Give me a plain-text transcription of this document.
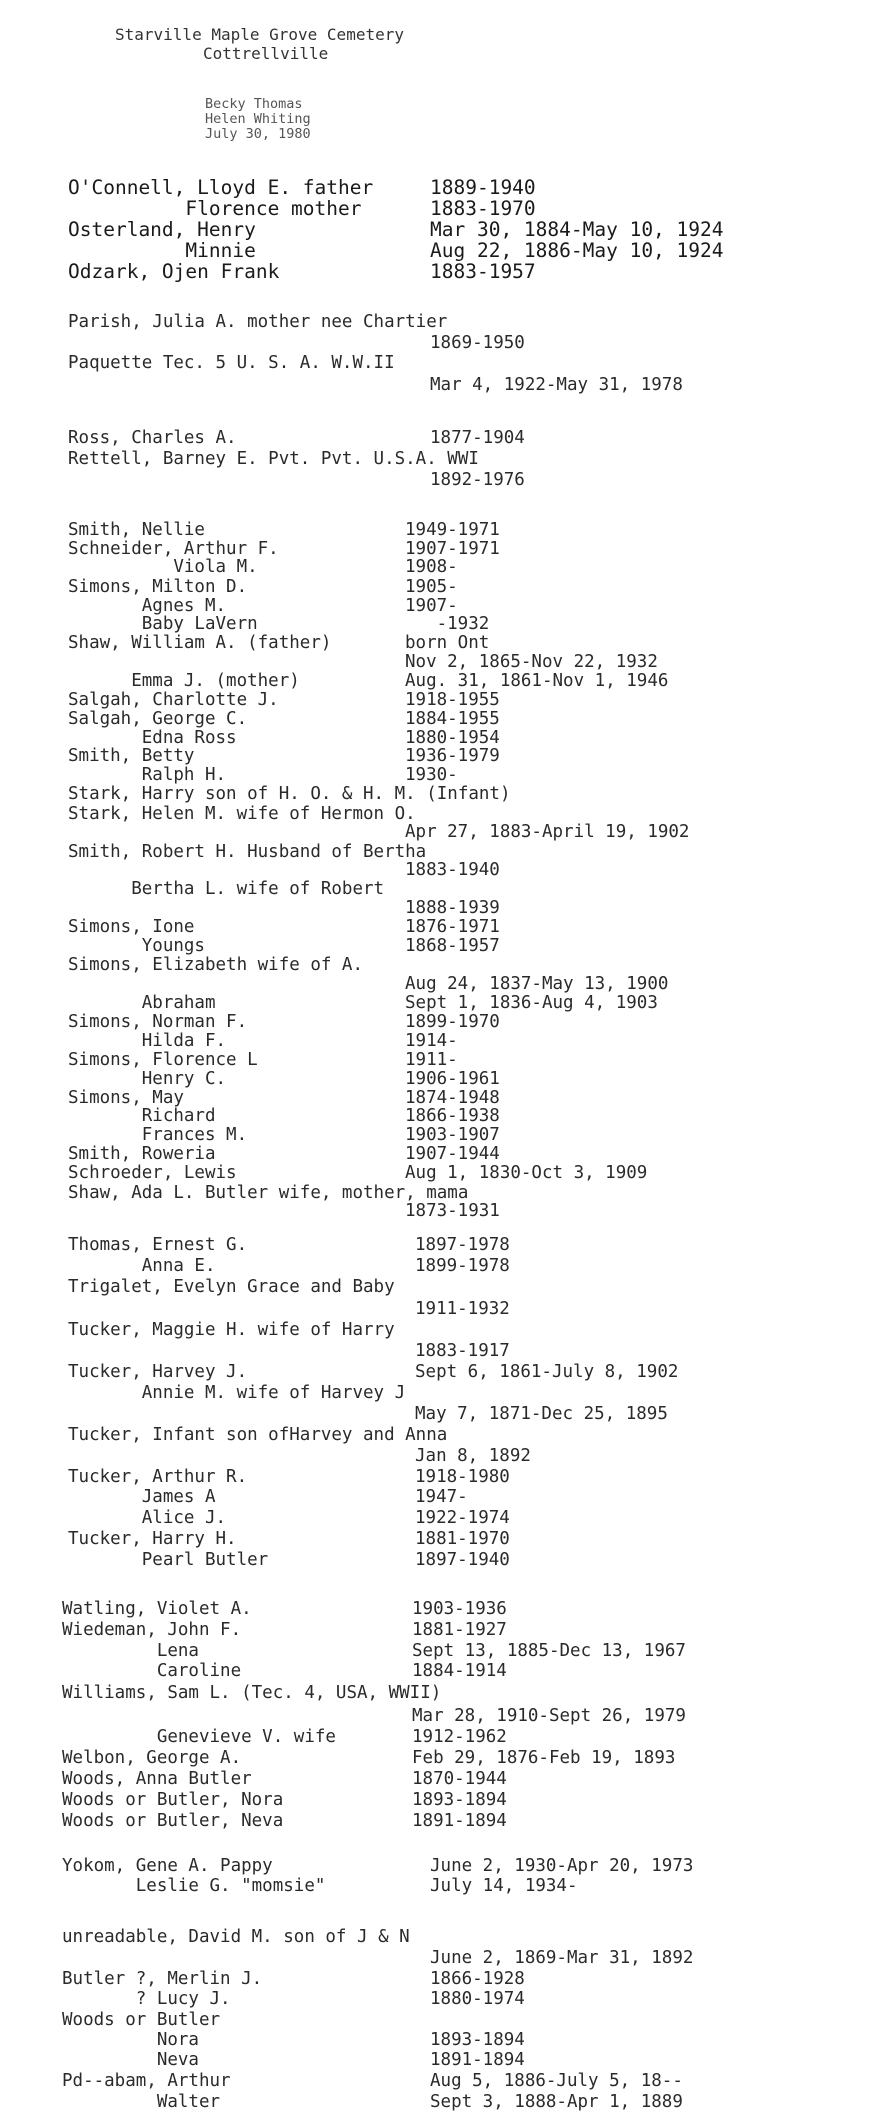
Starville Maple Grove Cemetery
Cottrellville
Becky Thomas
Helen Whiting
July 30, 1980
O'Connell, Lloyd E. father	1889-1940
Florence mother	1883-1970
Osterland, Henry	Mar 30, 1884-May 10, 1924
Minnie	Aug 22, 1886-May 10, 1924
Odzark, Ojen Frank	1883-1957
Parish, Julia A. mother nee Chartier
1869-1950
Paquette Tec. 5 U. S. A. W.W.II
Mar 4, 1922-May 31, 1978
Ross, Charles A.	1877-1904
Rettell, Barney E. Pvt. Pvt. U.S.A. WWI
1892-1976
Smith, Nellie	1949-1971
Schneider, Arthur F.	1907-1971
Viola M.	1908-
Simons, Milton D.	1905-
Agnes M.	1907-
Baby LaVern	-1932
Shaw, William A. (father)	born Ont
Nov 2, 1865-Nov 22, 1932
Emma J. (mother)	Aug. 31, 1861-Nov 1, 1946
Salgah, Charlotte J.	1918-1955
Salgah, George C.	1884-1955
Edna Ross	1880-1954
Smith, Betty	1936-1979
Ralph H.	1930-
Stark, Harry son of H. O. & H. M. (Infant)
Stark, Helen M. wife of Hermon O.
Apr 27, 1883-April 19, 1902
Smith, Robert H. Husband of Bertha
1883-1940
Bertha L. wife of Robert
1888-1939
Simons, Ione	1876-1971
Youngs	1868-1957
Simons, Elizabeth wife of A.
Aug 24, 1837-May 13, 1900
Abraham	Sept 1, 1836-Aug 4, 1903
Simons, Norman F.	1899-1970
Hilda F.	1914-
Simons, Florence L	1911-
Henry C.	1906-1961
Simons, May	1874-1948
Richard	1866-1938
Frances M.	1903-1907
Smith, Roweria	1907-1944
Schroeder, Lewis	Aug 1, 1830-Oct 3, 1909
Shaw, Ada L. Butler wife, mother, mama
1873-1931
Thomas, Ernest G.	1897-1978
Anna E.	1899-1978
Trigalet, Evelyn Grace and Baby
1911-1932
Tucker, Maggie H. wife of Harry
1883-1917
Tucker, Harvey J.	Sept 6, 1861-July 8, 1902
Annie M. wife of Harvey J
May 7, 1871-Dec 25, 1895
Tucker, Infant son ofHarvey and Anna
Jan 8, 1892
Tucker, Arthur R.	1918-1980
James A	1947-
Alice J.	1922-1974
Tucker, Harry H.	1881-1970
Pearl Butler	1897-1940
Watling, Violet A.	1903-1936
Wiedeman, John F.	1881-1927
Lena	Sept 13, 1885-Dec 13, 1967
Caroline	1884-1914
Williams, Sam L. (Tec. 4, USA, WWII)
Mar 28, 1910-Sept 26, 1979
Genevieve V. wife	1912-1962
Welbon, George A.	Feb 29, 1876-Feb 19, 1893
Woods, Anna Butler	1870-1944
Woods or Butler, Nora	1893-1894
Woods or Butler, Neva	1891-1894
Yokom, Gene A. Pappy	June 2, 1930-Apr 20, 1973
Leslie G. "momsie"	July 14, 1934-
unreadable, David M. son of J & N
June 2, 1869-Mar 31, 1892
Butler ?, Merlin J.	1866-1928
? Lucy J.	1880-1974
Woods or Butler
Nora	1893-1894
Neva	1891-1894
Pd--abam, Arthur	Aug 5, 1886-July 5, 18--
Walter	Sept 3, 1888-Apr 1, 1889
